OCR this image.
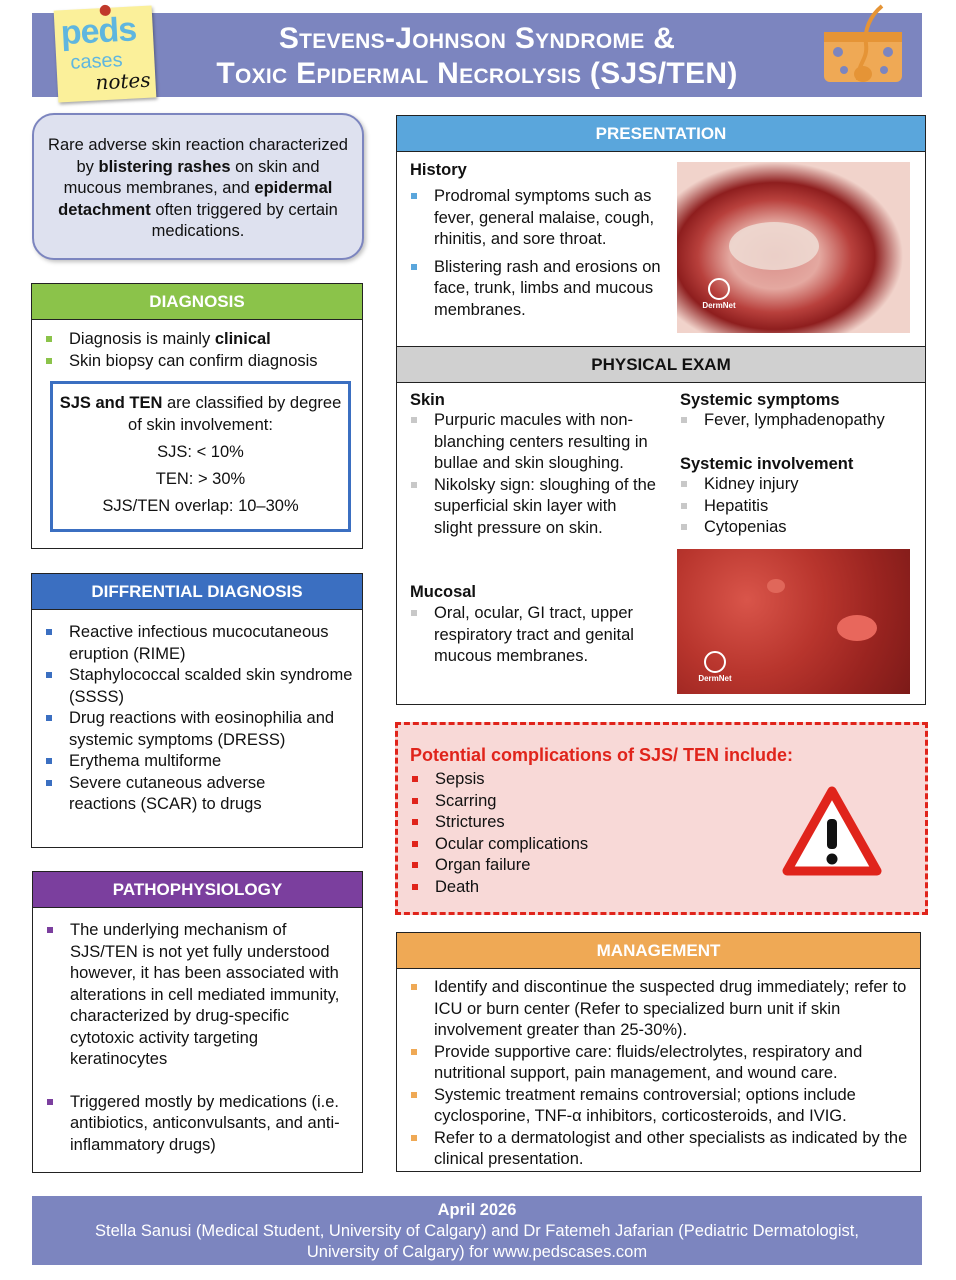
Stevens-Johnson Syndrome &
Toxic Epidermal Necrolysis (SJS/TEN)
peds
cases
notes
Rare adverse skin reaction characterized by blistering rashes on skin and mucous membranes, and epidermal detachment often triggered by certain medications.
DIAGNOSIS
Diagnosis is mainly clinical
Skin biopsy can confirm diagnosis
SJS and TEN are classified by degree of skin involvement:
SJS: < 10%
TEN: > 30%
SJS/TEN overlap: 10–30%
DIFFRENTIAL DIAGNOSIS
Reactive infectious mucocutaneous eruption (RIME)
Staphylococcal scalded skin syndrome (SSSS)
Drug reactions with eosinophilia and systemic symptoms (DRESS)
Erythema multiforme
Severe cutaneous adverse reactions (SCAR) to drugs
PATHOPHYSIOLOGY
The underlying mechanism of SJS/TEN is not yet fully understood however, it has been associated with alterations in cell mediated immunity, characterized by drug-specific cytotoxic activity targeting keratinocytes
Triggered mostly by medications (i.e. antibiotics, anticonvulsants, and anti-inflammatory drugs)
PRESENTATION
History
Prodromal symptoms such as fever, general malaise, cough, rhinitis, and sore throat.
Blistering rash and erosions on face, trunk, limbs and mucous membranes.	DermNet
PHYSICAL EXAM
Skin
Purpuric macules with non-blanching centers resulting in bullae and skin sloughing.
Nikolsky sign: sloughing of the superficial skin layer with slight pressure on skin.
Mucosal
Oral, ocular, GI tract, upper respiratory tract and genital mucous membranes.
Systemic symptoms
Fever, lymphadenopathy
Systemic involvement
Kidney injury
Hepatitis
Cytopenias
DermNet
Potential complications of SJS/ TEN include:
Sepsis
Scarring
Strictures
Ocular complications
Organ failure
Death
MANAGEMENT
Identify and discontinue the suspected drug immediately; refer to ICU or burn center (Refer to specialized burn unit if skin involvement greater than 25-30%).
Provide supportive care: fluids/electrolytes, respiratory and nutritional support, pain management, and wound care.
Systemic treatment remains controversial; options include cyclosporine, TNF-α inhibitors, corticosteroids, and IVIG.
Refer to a dermatologist and other specialists as indicated by the clinical presentation.
April 2026
Stella Sanusi (Medical Student, University of Calgary) and Dr Fatemeh Jafarian (Pediatric Dermatologist, University of Calgary) for www.pedscases.com
